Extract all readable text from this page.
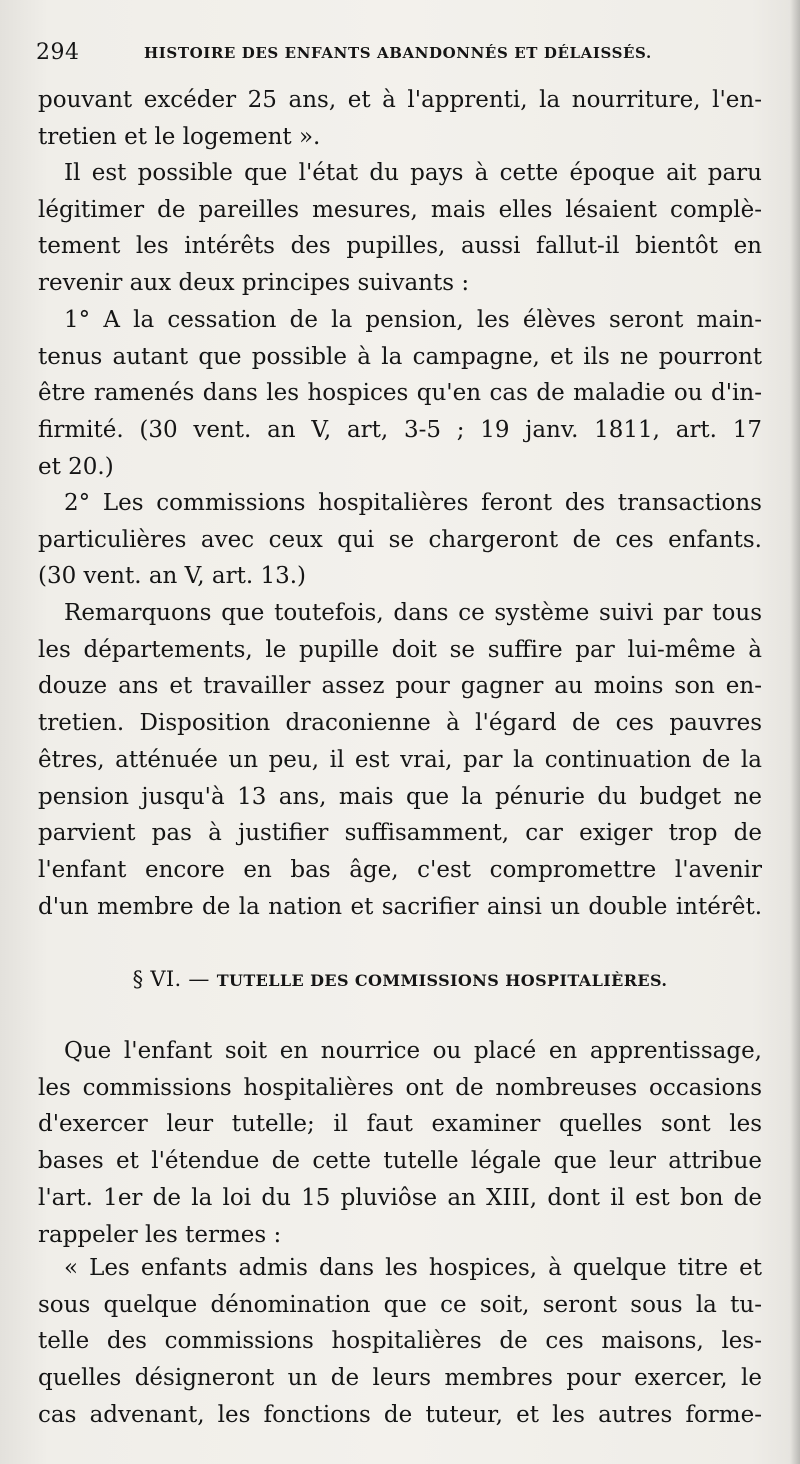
294	HISTOIRE DES ENFANTS ABANDONNÉS ET DÉLAISSÉS.

pouvant excéder 25 ans, et à l'apprenti, la nourriture, l'en-
tretien et le logement ».

Il est possible que l'état du pays à cette époque ait paru
légitimer de pareilles mesures, mais elles lésaient complè-
tement les intérêts des pupilles, aussi fallut-il bientôt en
revenir aux deux principes suivants :

1° A la cessation de la pension, les élèves seront main-
tenus autant que possible à la campagne, et ils ne pourront
être ramenés dans les hospices qu'en cas de maladie ou d'in-
firmité. (30 vent. an V, art, 3-5 ; 19 janv. 1811, art. 17
et 20.)

2° Les commissions hospitalières feront des transactions
particulières avec ceux qui se chargeront de ces enfants.
(30 vent. an V, art. 13.)

Remarquons que toutefois, dans ce système suivi par tous
les départements, le pupille doit se suffire par lui-même à
douze ans et travailler assez pour gagner au moins son en-
tretien. Disposition draconienne à l'égard de ces pauvres
êtres, atténuée un peu, il est vrai, par la continuation de la
pension jusqu'à 13 ans, mais que la pénurie du budget ne
parvient pas à justifier suffisamment, car exiger trop de
l'enfant encore en bas âge, c'est compromettre l'avenir
d'un membre de la nation et sacrifier ainsi un double intérêt.

§ VI. — TUTELLE DES COMMISSIONS HOSPITALIÈRES.

Que l'enfant soit en nourrice ou placé en apprentissage,
les commissions hospitalières ont de nombreuses occasions
d'exercer leur tutelle; il faut examiner quelles sont les
bases et l'étendue de cette tutelle légale que leur attribue
l'art. 1er de la loi du 15 pluviôse an XIII, dont il est bon de
rappeler les termes :

« Les enfants admis dans les hospices, à quelque titre et
sous quelque dénomination que ce soit, seront sous la tu-
telle des commissions hospitalières de ces maisons, les-
quelles désigneront un de leurs membres pour exercer, le
cas advenant, les fonctions de tuteur, et les autres forme-
